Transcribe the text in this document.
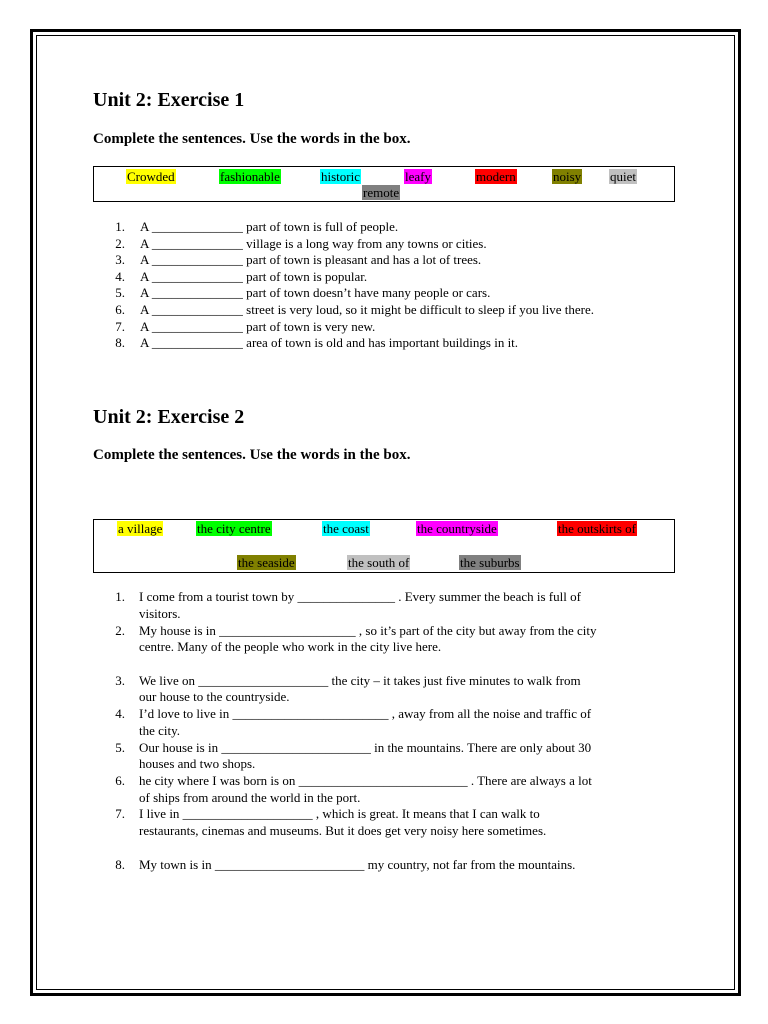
Unit 2: Exercise 1
Complete the sentences. Use the words in the box.
Crowded	fashionable	historic	leafy	modern	noisy quiet
remote
1. A ______________ part of town is full of people.
2. A ______________ village is a long way from any towns or cities.
3. A ______________ part of town is pleasant and has a lot of trees.
4. A ______________ part of town is popular.
5. A ______________ part of town doesn’t have many people or cars.
6. A ______________ street is very loud, so it might be difficult to sleep if you live there.
7. A ______________ part of town is very new.
8. A ______________ area of town is old and has important buildings in it.
Unit 2: Exercise 2
Complete the sentences. Use the words in the box.
a village	the city centre	the coast	the countryside	the outskirts of
the seaside	the south of	the suburbs
1. I come from a tourist town by _______________ . Every summer the beach is full of
visitors.
2. My house is in _____________________ , so it’s part of the city but away from the city
centre. Many of the people who work in the city live here.
3. We live on ____________________ the city – it takes just five minutes to walk from
our house to the countryside.
4. I’d love to live in ________________________ , away from all the noise and traffic of
the city.
5. Our house is in _______________________ in the mountains. There are only about 30
houses and two shops.
6. he city where I was born is on __________________________ . There are always a lot
of ships from around the world in the port.
7. I live in ____________________ , which is great. It means that I can walk to
restaurants, cinemas and museums. But it does get very noisy here sometimes.
8. My town is in _______________________ my country, not far from the mountains.
